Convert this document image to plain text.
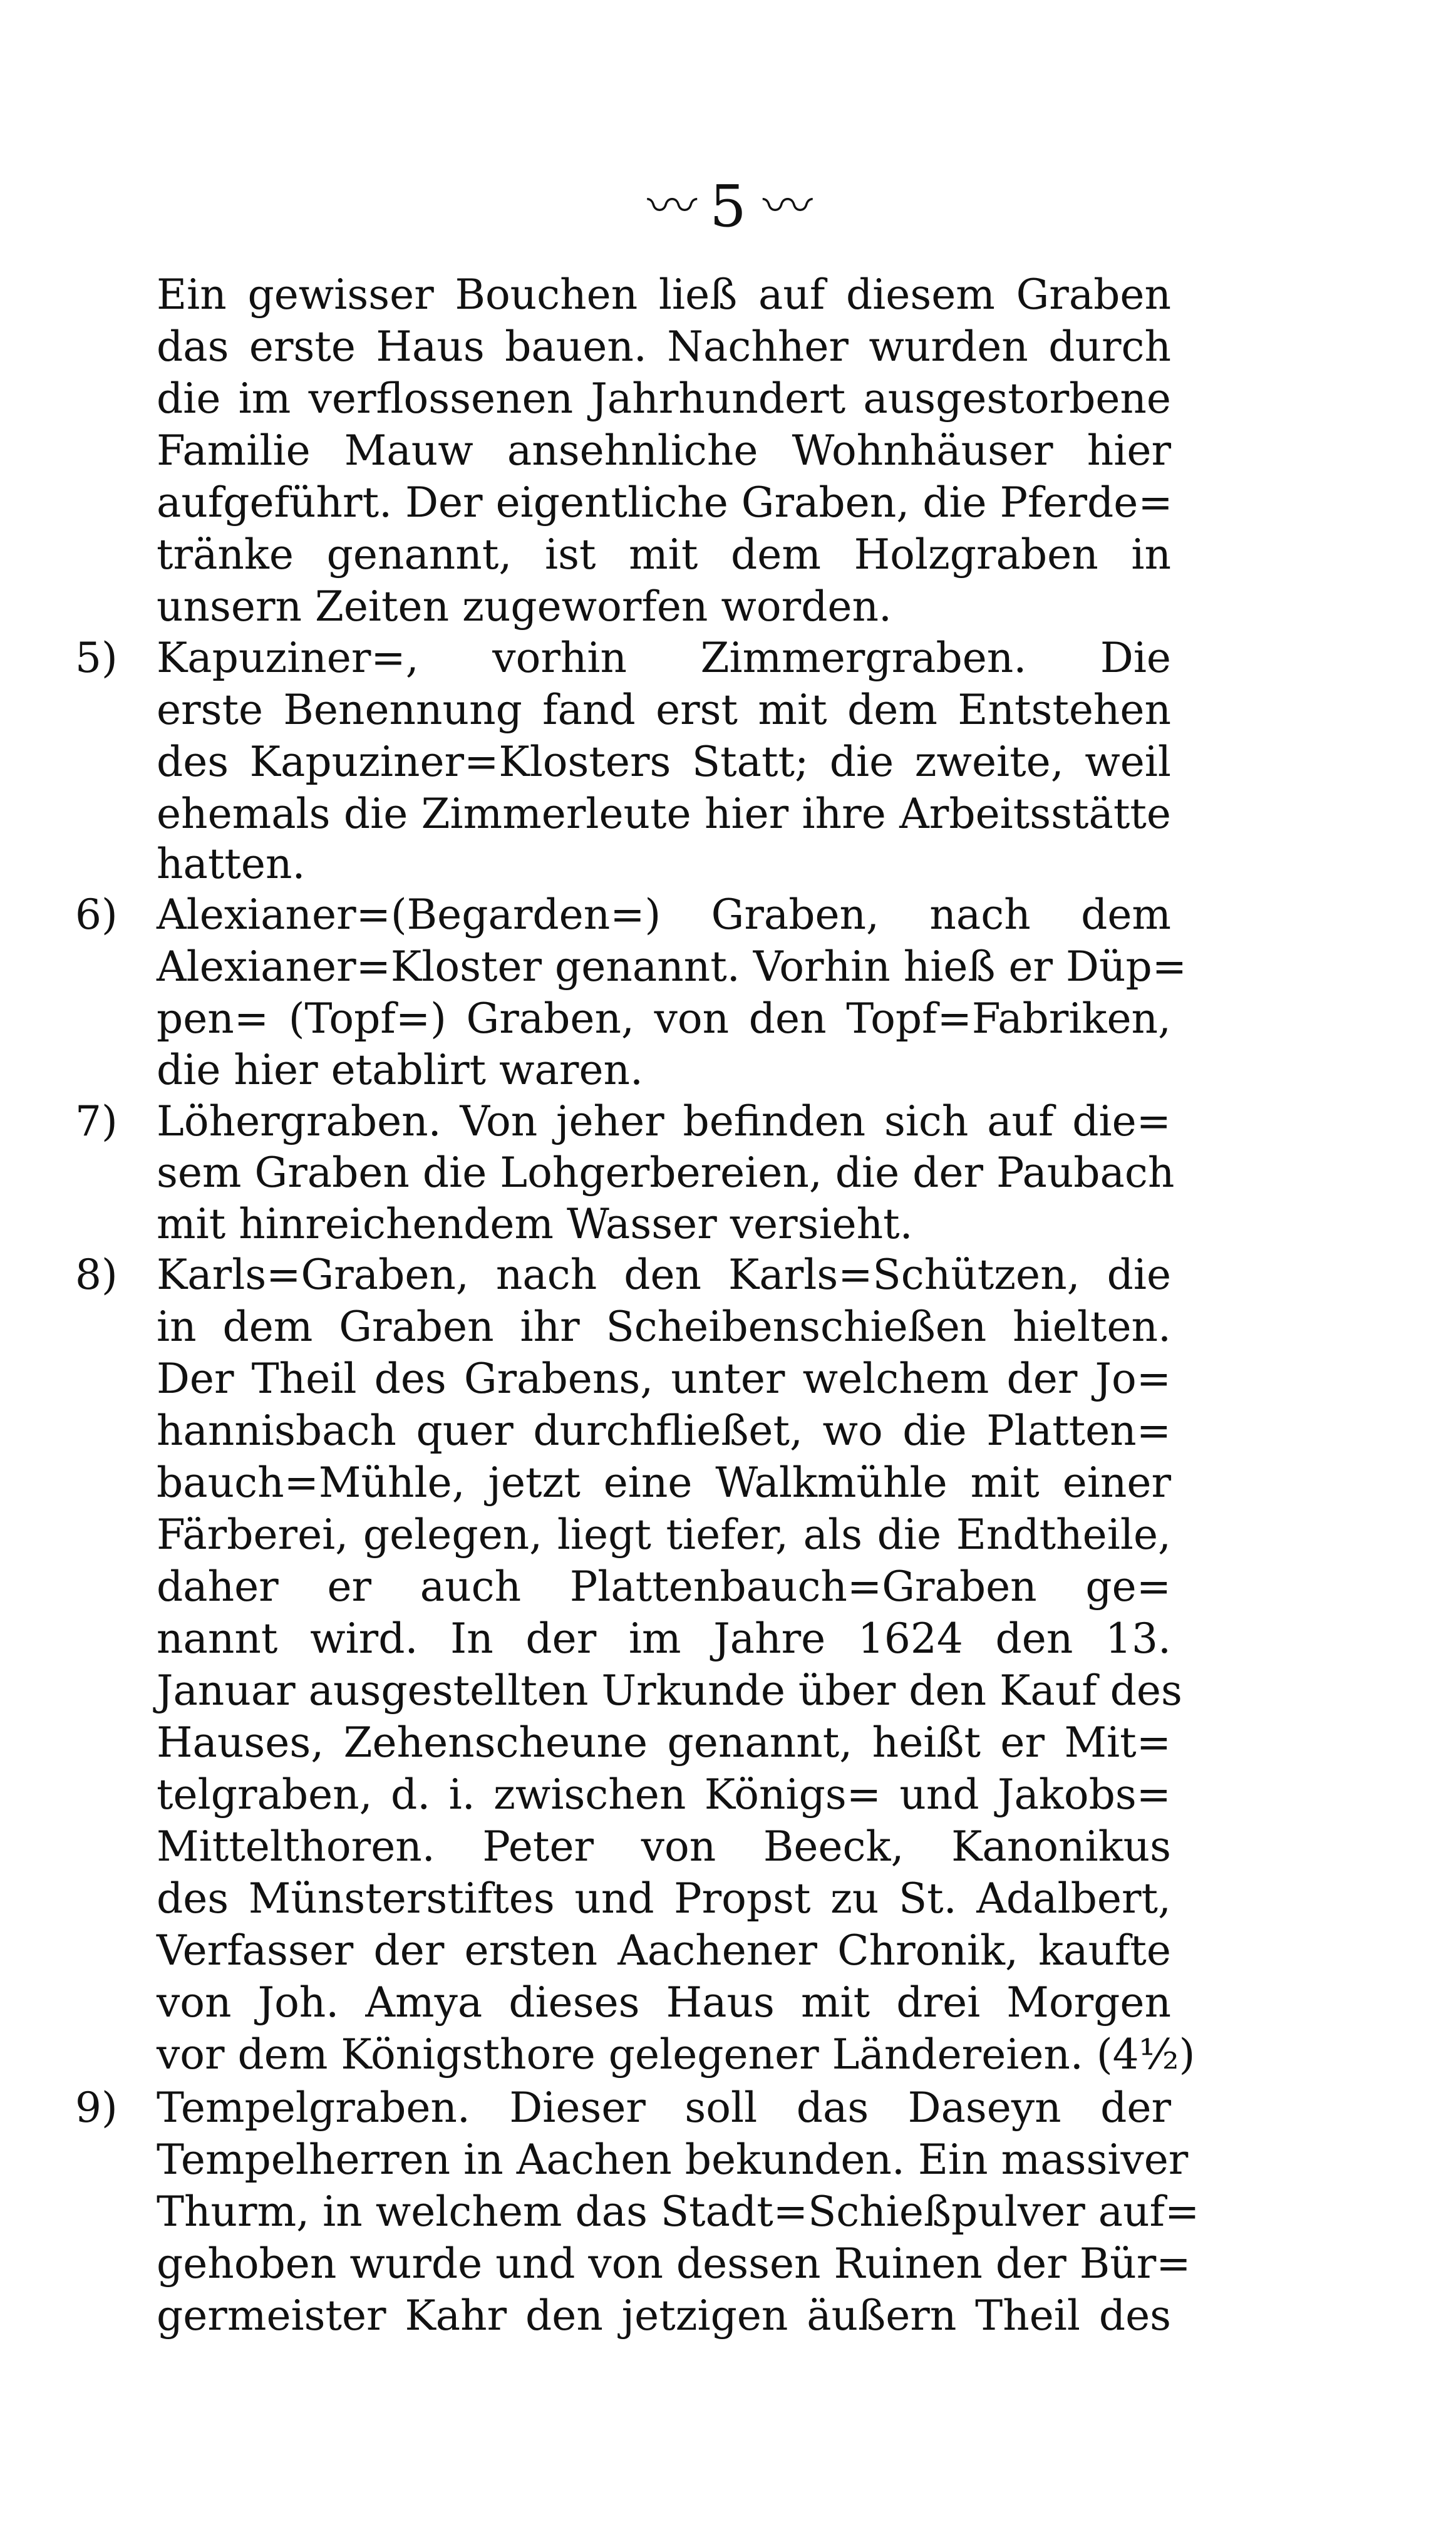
〰 5 〰
5)
6)
7)
8)
9)
Ein gewisser Bouchen ließ auf diesem Graben
das erste Haus bauen. Nachher wurden durch
die im verflossenen Jahrhundert ausgestorbene
Familie Mauw ansehnliche Wohnhäuser hier
aufgeführt. Der eigentliche Graben, die Pferde=
tränke genannt, ist mit dem Holzgraben in
unsern Zeiten zugeworfen worden.
Kapuziner=, vorhin Zimmergraben. Die
erste Benennung fand erst mit dem Entstehen
des Kapuziner=Klosters Statt; die zweite, weil
ehemals die Zimmerleute hier ihre Arbeitsstätte
hatten.
Alexianer=(Begarden=) Graben, nach dem
Alexianer=Kloster genannt. Vorhin hieß er Düp=
pen= (Topf=) Graben, von den Topf=Fabriken,
die hier etablirt waren.
Löhergraben. Von jeher befinden sich auf die=
sem Graben die Lohgerbereien, die der Paubach
mit hinreichendem Wasser versieht.
Karls=Graben, nach den Karls=Schützen, die
in dem Graben ihr Scheibenschießen hielten.
Der Theil des Grabens, unter welchem der Jo=
hannisbach quer durchfließet, wo die Platten=
bauch=Mühle, jetzt eine Walkmühle mit einer
Färberei, gelegen, liegt tiefer, als die Endtheile,
daher er auch Plattenbauch=Graben ge=
nannt wird. In der im Jahre 1624 den 13.
Januar ausgestellten Urkunde über den Kauf des
Hauses, Zehenscheune genannt, heißt er Mit=
telgraben, d. i. zwischen Königs= und Jakobs=
Mittelthoren. Peter von Beeck, Kanonikus
des Münsterstiftes und Propst zu St. Adalbert,
Verfasser der ersten Aachener Chronik, kaufte
von Joh. Amya dieses Haus mit drei Morgen
vor dem Königsthore gelegener Ländereien. (4½)
Tempelgraben. Dieser soll das Daseyn der
Tempelherren in Aachen bekunden. Ein massiver
Thurm, in welchem das Stadt=Schießpulver auf=
gehoben wurde und von dessen Ruinen der Bür=
germeister Kahr den jetzigen äußern Theil des
